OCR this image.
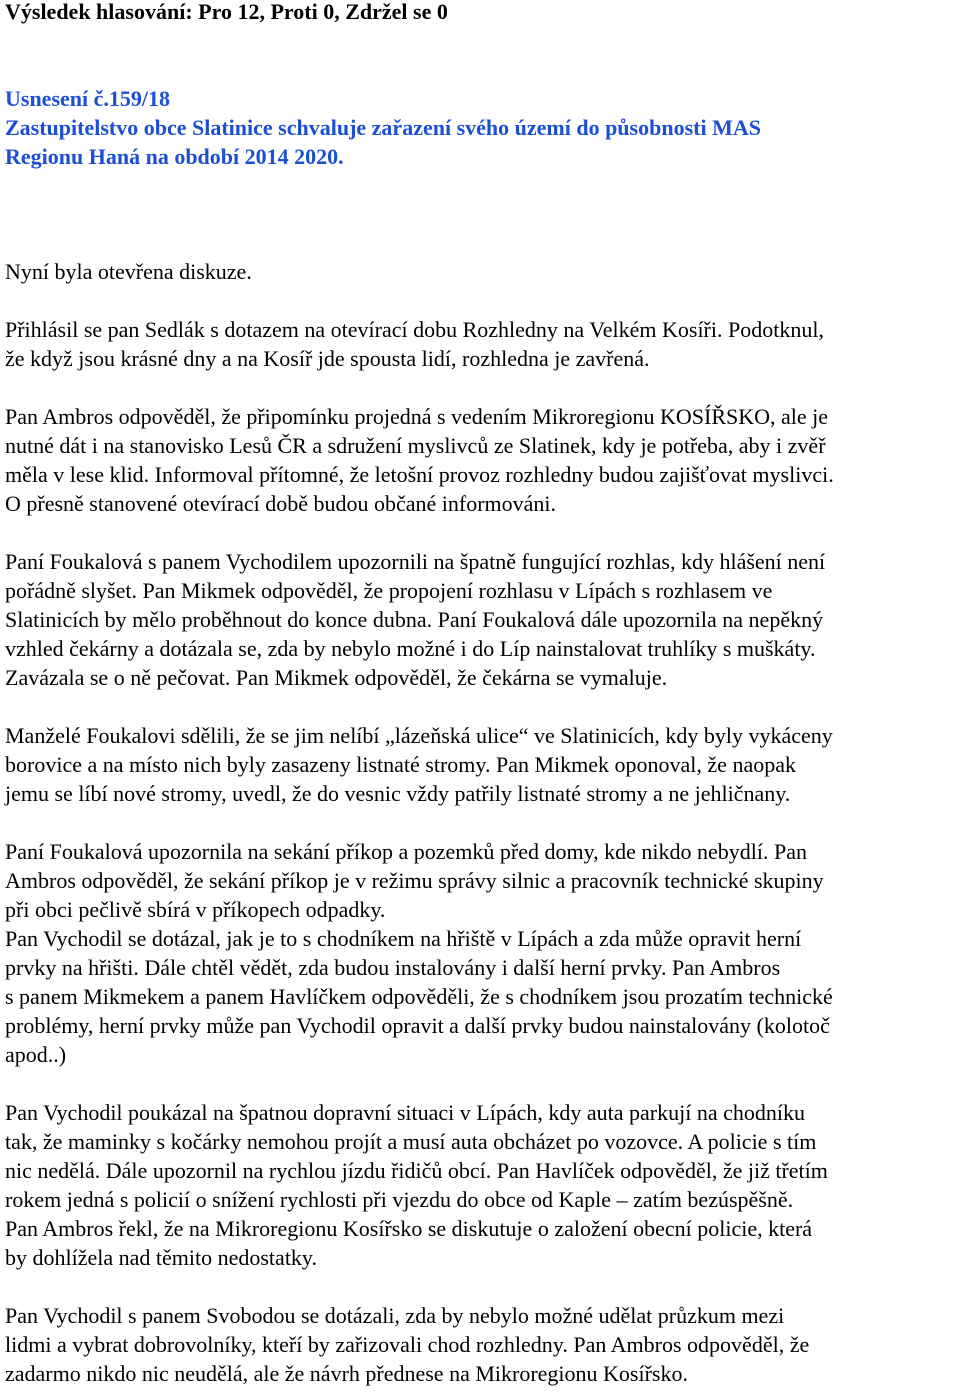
Výsledek hlasování: Pro 12, Proti 0, Zdržel se 0
Usnesení č.159/18
Zastupitelstvo obce Slatinice schvaluje zařazení svého území do působnosti MAS
Regionu Haná na období 2014 2020.

Nyní byla otevřena diskuze.

Přihlásil se pan Sedlák s dotazem na otevírací dobu Rozhledny na Velkém Kosíři. Podotknul,
že když jsou krásné dny a na Kosíř jde spousta lidí, rozhledna je zavřená.

Pan Ambros odpověděl, že připomínku projedná s vedením Mikroregionu KOSÍŘSKO, ale je
nutné dát i na stanovisko Lesů ČR a sdružení myslivců ze Slatinek, kdy je potřeba, aby i zvěř
měla v lese klid. Informoval přítomné, že letošní provoz rozhledny budou zajišťovat myslivci.
O přesně stanovené otevírací době budou občané informováni.

Paní Foukalová s panem Vychodilem upozornili na špatně fungující rozhlas, kdy hlášení není
pořádně slyšet. Pan Mikmek odpověděl, že propojení rozhlasu v Lípách s rozhlasem ve
Slatinicích by mělo proběhnout do konce dubna. Paní Foukalová dále upozornila na nepěkný
vzhled čekárny a dotázala se, zda by nebylo možné i do Líp nainstalovat truhlíky s muškáty.
Zavázala se o ně pečovat. Pan Mikmek odpověděl, že čekárna se vymaluje.

Manželé Foukalovi sdělili, že se jim nelíbí „lázeňská ulice“ ve Slatinicích, kdy byly vykáceny
borovice a na místo nich byly zasazeny listnaté stromy. Pan Mikmek oponoval, že naopak
jemu se líbí nové stromy, uvedl, že do vesnic vždy patřily listnaté stromy a ne jehličnany.

Paní Foukalová upozornila na sekání příkop a pozemků před domy, kde nikdo nebydlí. Pan
Ambros odpověděl, že sekání příkop je v režimu správy silnic a pracovník technické skupiny
při obci pečlivě sbírá v příkopech odpadky.
Pan Vychodil se dotázal, jak je to s chodníkem na hřiště v Lípách a zda může opravit herní
prvky na hřišti. Dále chtěl vědět, zda budou instalovány i další herní prvky. Pan Ambros
s panem Mikmekem a panem Havlíčkem odpověděli, že s chodníkem jsou prozatím technické
problémy, herní prvky může pan Vychodil opravit a další prvky budou nainstalovány (kolotoč
apod..)

Pan Vychodil poukázal na špatnou dopravní situaci v Lípách, kdy auta parkují na chodníku
tak, že maminky s kočárky nemohou projít a musí auta obcházet po vozovce. A policie s tím
nic nedělá. Dále upozornil na rychlou jízdu řidičů obcí. Pan Havlíček odpověděl, že již třetím
rokem jedná s policií o snížení rychlosti při vjezdu do obce od Kaple – zatím bezúspěšně.
Pan Ambros řekl, že na Mikroregionu Kosířsko se diskutuje o založení obecní policie, která
by dohlížela nad těmito nedostatky.

Pan Vychodil s panem Svobodou se dotázali, zda by nebylo možné udělat průzkum mezi
lidmi a vybrat dobrovolníky, kteří by zařizovali chod rozhledny. Pan Ambros odpověděl, že
zadarmo nikdo nic neudělá, ale že návrh přednese na Mikroregionu Kosířsko.
